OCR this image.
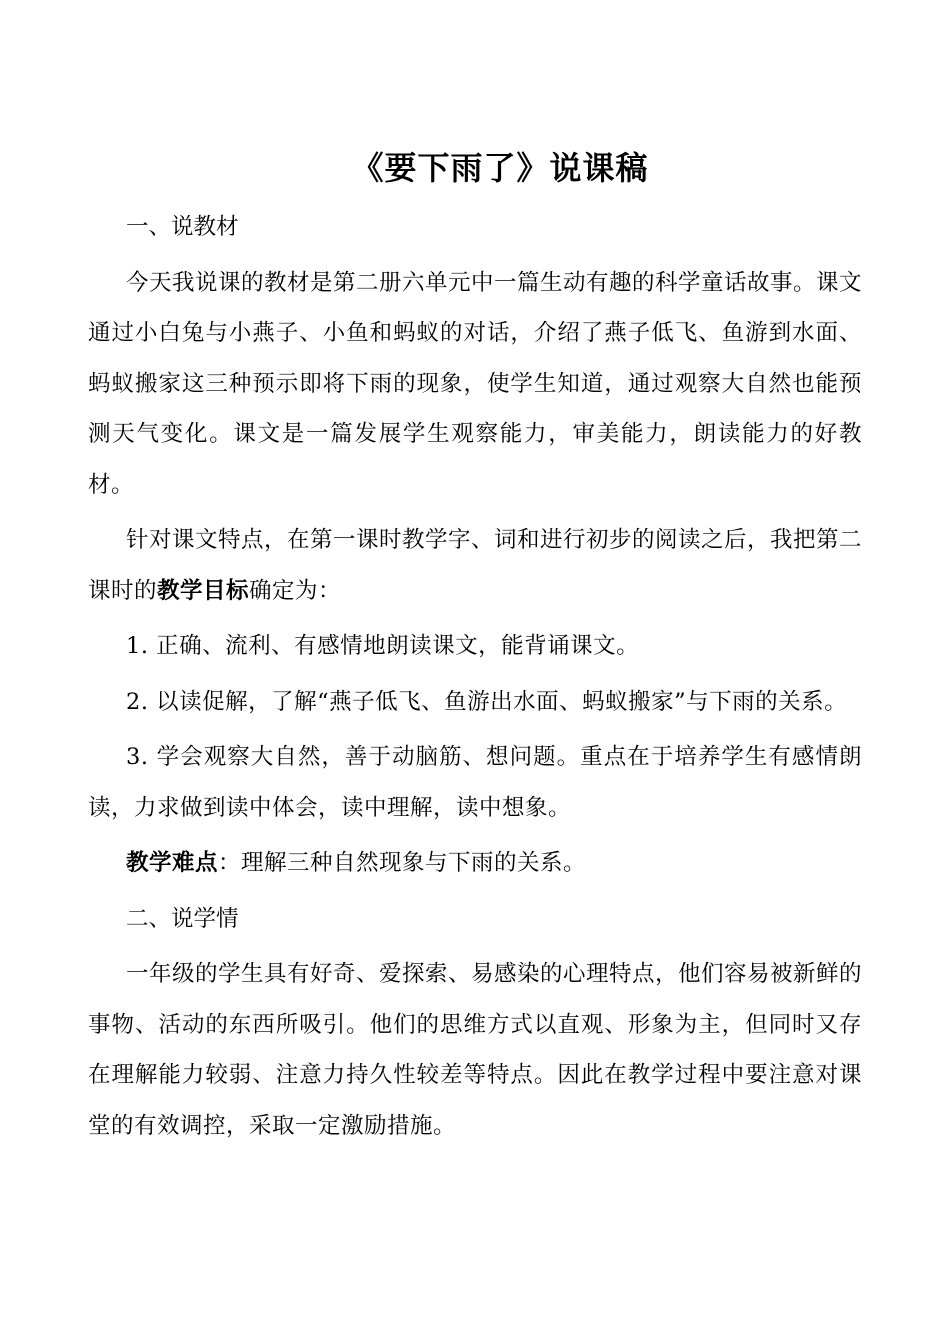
《要下雨了》说课稿

一、说教材

今天我说课的教材是第二册六单元中一篇生动有趣的科学童话故事。课文通过小白兔与小燕子、小鱼和蚂蚁的对话，介绍了燕子低飞、鱼游到水面、蚂蚁搬家这三种预示即将下雨的现象，使学生知道，通过观察大自然也能预测天气变化。课文是一篇发展学生观察能力，审美能力，朗读能力的好教材。

针对课文特点，在第一课时教学字、词和进行初步的阅读之后，我把第二课时的教学目标确定为：

1. 正确、流利、有感情地朗读课文，能背诵课文。

2. 以读促解，了解“燕子低飞、鱼游出水面、蚂蚁搬家”与下雨的关系。

3. 学会观察大自然，善于动脑筋、想问题。重点在于培养学生有感情朗读，力求做到读中体会，读中理解，读中想象。

教学难点：理解三种自然现象与下雨的关系。

二、说学情

一年级的学生具有好奇、爱探索、易感染的心理特点，他们容易被新鲜的事物、活动的东西所吸引。他们的思维方式以直观、形象为主，但同时又存在理解能力较弱、注意力持久性较差等特点。因此在教学过程中要注意对课堂的有效调控，采取一定激励措施。
